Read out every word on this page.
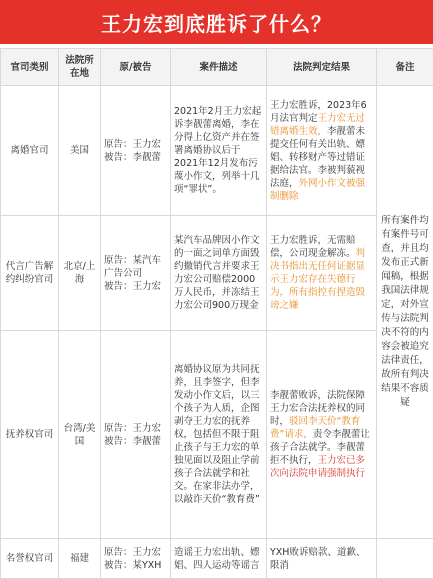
王力宏到底胜诉了什么？
官司类别	法院所在地	原/被告	案件描述	法院判定结果	备注
离婚官司	美国	原告：王力宏
被告：李靓蕾	2021年2月王力宏起诉李靓蕾离婚，李在分得上亿资产并在签署离婚协议后于2021年12月发布污蔑小作文，列举十几项“罪状”。	王力宏胜诉，2023年6月法官判定王力宏无过错离婚生效，李靓蕾未提交任何有关出轨、嫖娼、转移财产等过错证据给法官。李被判藐视法庭，外网小作文被强制删除	所有案件均有案件号可查，并且均发布正式新闻稿，根据我国法律规定，对外宣传与法院判决不符的内容会被追究法律责任，故所有判决结果不容质疑
代言广告解约纠纷官司	北京/上海	原告：某汽车广告公司
被告：王力宏	某汽车品牌因小作文的一面之词单方面毁约撤销代言并要求王力宏公司赔偿2000万人民币，并冻结王力宏公司900万现金	王力宏胜诉，无需赔偿，公司现金解冻。判决书指出无任何证据显示王力宏存在失德行为，所有指控有捏造毁谤之嫌	
抚养权官司	台湾/美国	原告：王力宏
被告：李靓蕾	离婚协议原为共同抚养，且李签字，但李发动小作文后，以三个孩子为人质，企图剥夺王力宏的抚养权，包括但不限于阻止孩子与王力宏的单独见面以及阻止学前孩子合法就学和社交。在家非法办学，以敲诈天价“教育费”	李靓蕾败诉，法院保障王力宏合法抚养权的同时，驳回李天价“教育费”请求，责令李靓蕾让孩子合法就学。李靓蕾拒不执行，王力宏已多次向法院申请强制执行	
名誉权官司	福建	原告：王力宏
被告：某YXH	造谣王力宏出轨、嫖娼、四人运动等谣言	YXH败诉赔款、道歉、限消	
